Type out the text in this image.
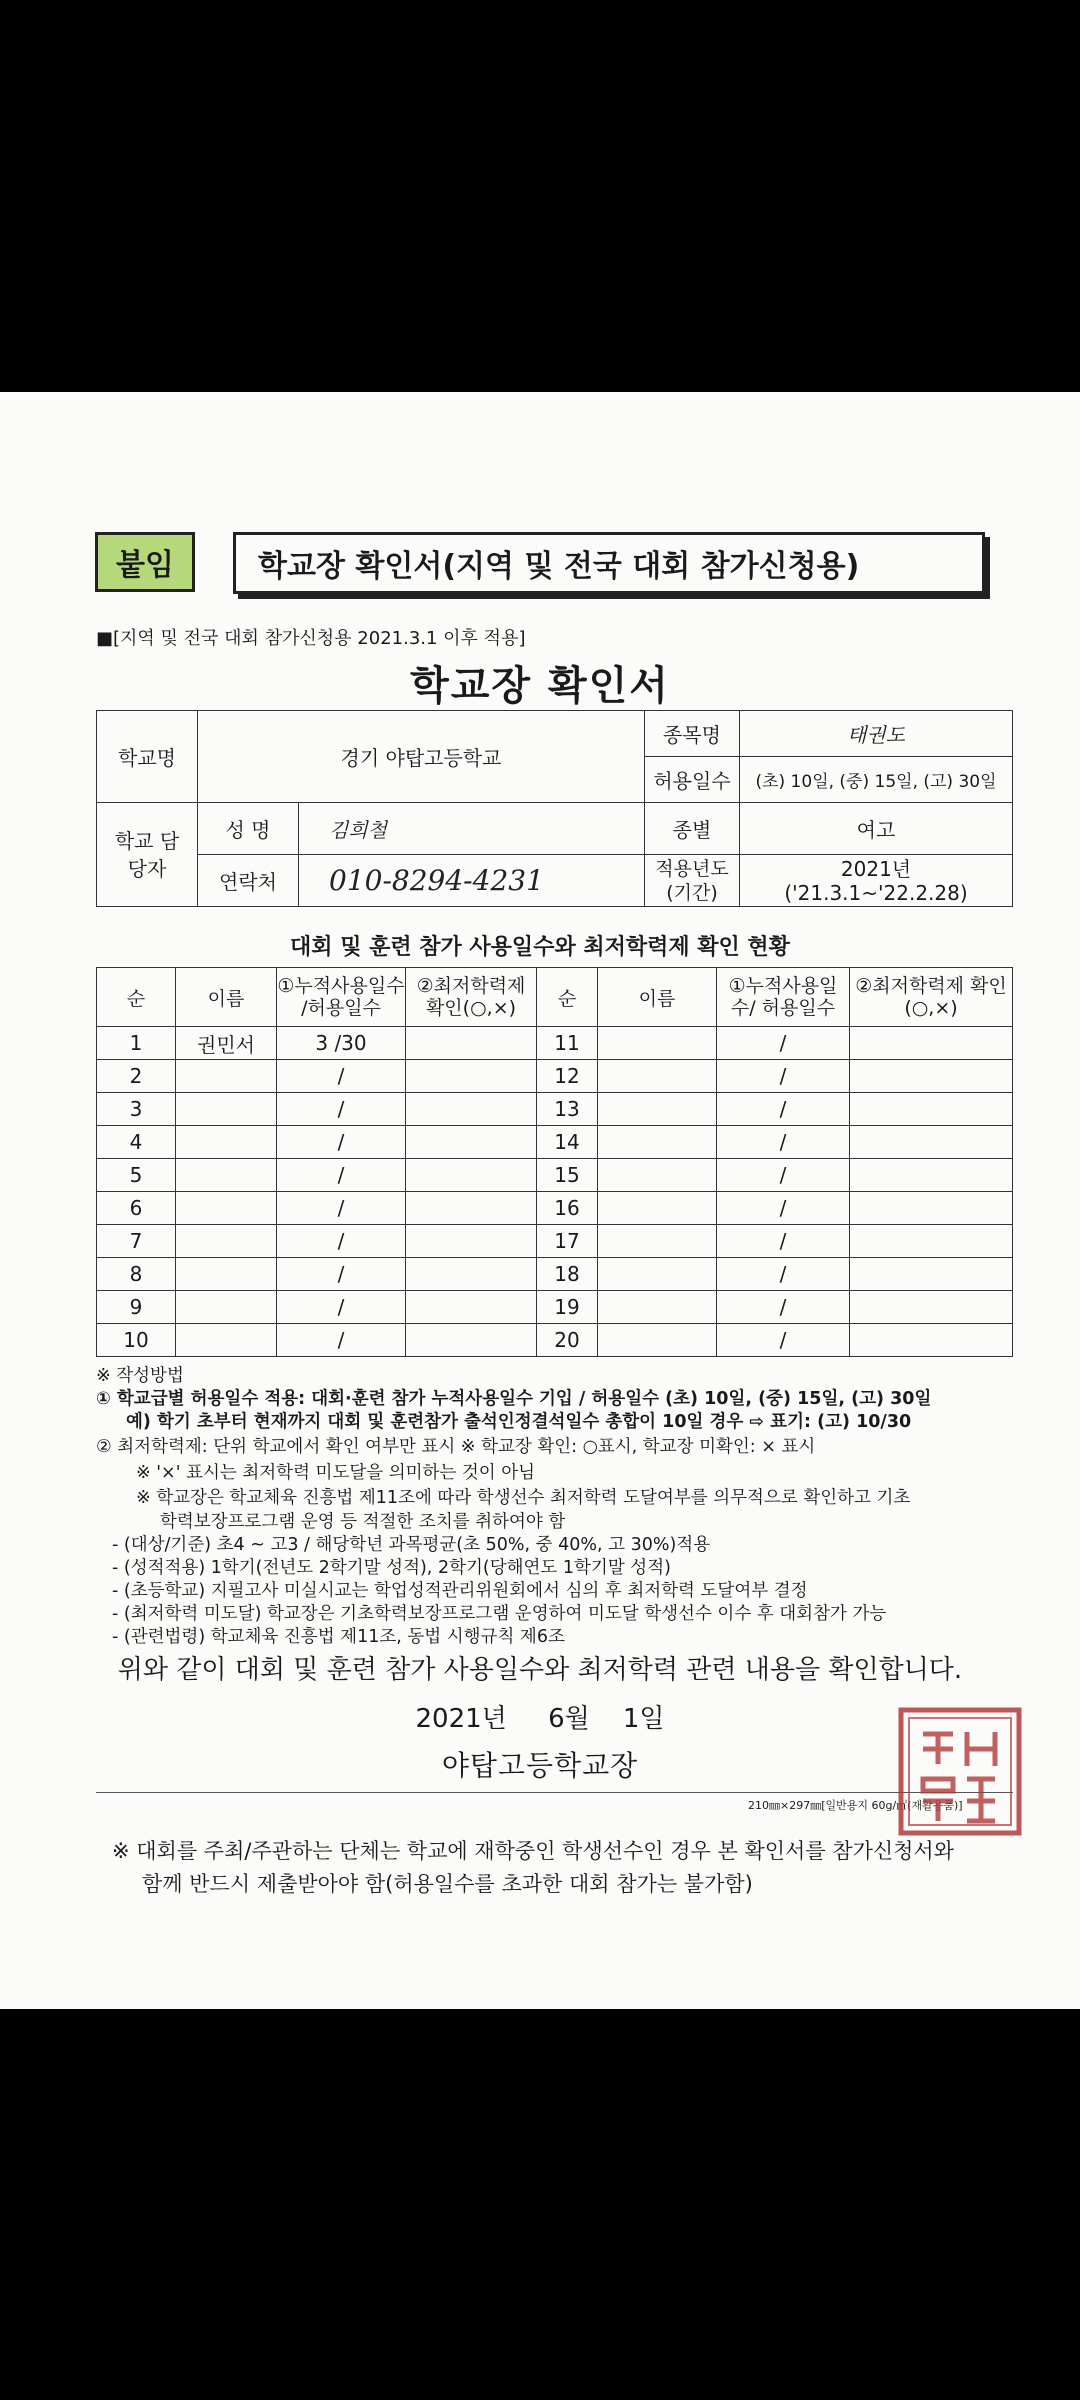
붙임	학교장 확인서(지역 및 전국 대회 참가신청용)
■[지역 및 전국 대회 참가신청용 2021.3.1 이후 적용]
학교장 확인서
학교명	경기 야탑고등학교		종목명	태권도
			허용일수	(초) 10일, (중) 15일, (고) 30일
학교 담당자	성 명	김희철	종별	여고
	연락처	010-8294-4231	적용년도 (기간)	2021년
('21.3.1~'22.2.28)
대회 및 훈련 참가 사용일수와 최저학력제 확인 현황
순	이름	①누적사용일수 /허용일수	②최저학력제 확인(○,×)	순	이름	①누적사용일수/ 허용일수	②최저학력제 확인(○,×)
1	권민서	3 /30		11		/	
2		/		12		/	
3		/		13		/	
4		/		14		/	
5		/		15		/	
6		/		16		/	
7		/		17		/	
8		/		18		/	
9		/		19		/	
10		/		20		/	
※ 작성방법
① 학교급별 허용일수 적용: 대회·훈련 참가 누적사용일수 기입 / 허용일수 (초) 10일, (중) 15일, (고) 30일
예) 학기 초부터 현재까지 대회 및 훈련참가 출석인정결석일수 총합이 10일 경우 ⇨ 표기: (고) 10/30
② 최저학력제: 단위 학교에서 확인 여부만 표시 ※ 학교장 확인: ○표시, 학교장 미확인: × 표시
※ '×' 표시는 최저학력 미도달을 의미하는 것이 아님
※ 학교장은 학교체육 진흥법 제11조에 따라 학생선수 최저학력 도달여부를 의무적으로 확인하고 기초
학력보장프로그램 운영 등 적절한 조치를 취하여야 함
- (대상/기준) 초4 ~ 고3 / 해당학년 과목평균(초 50%, 중 40%, 고 30%)적용
- (성적적용) 1학기(전년도 2학기말 성적), 2학기(당해연도 1학기말 성적)
- (초등학교) 지필고사 미실시교는 학업성적관리위원회에서 심의 후 최저학력 도달여부 결정
- (최저학력 미도달) 학교장은 기초학력보장프로그램 운영하여 미도달 학생선수 이수 후 대회참가 가능
- (관련법령) 학교체육 진흥법 제11조, 동법 시행규칙 제6조
위와 같이 대회 및 훈련 참가 사용일수와 최저학력 관련 내용을 확인합니다.
2021년 6월 1일
야탑고등학교장
210㎜×297㎜[일반용지 60g/㎡(재활용품)]
※ 대회를 주최/주관하는 단체는 학교에 재학중인 학생선수인 경우 본 확인서를 참가신청서와
함께 반드시 제출받아야 함(허용일수를 초과한 대회 참가는 불가함)
